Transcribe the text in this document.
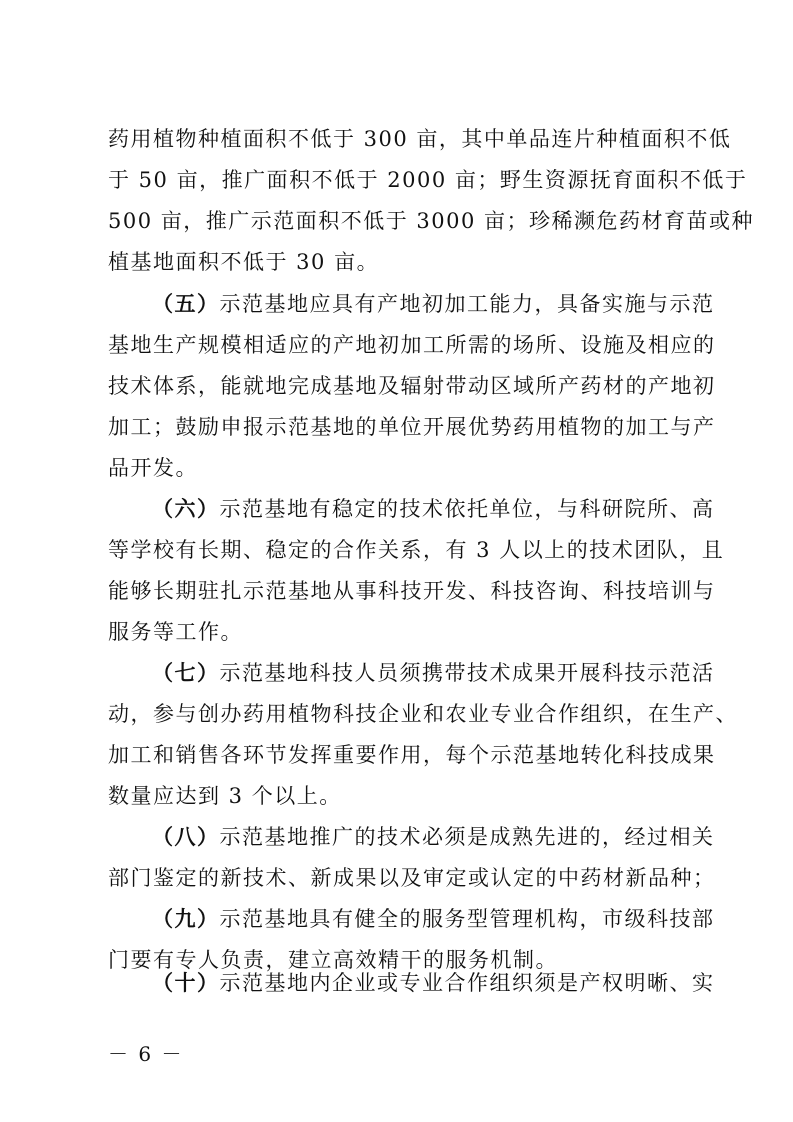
药用植物种植面积不低于 300 亩，其中单品连片种植面积不低
于 50 亩，推广面积不低于 2000 亩；野生资源抚育面积不低于
500 亩，推广示范面积不低于 3000 亩；珍稀濒危药材育苗或种
植基地面积不低于 30 亩。

（五）示范基地应具有产地初加工能力，具备实施与示范
基地生产规模相适应的产地初加工所需的场所、设施及相应的
技术体系，能就地完成基地及辐射带动区域所产药材的产地初
加工；鼓励申报示范基地的单位开展优势药用植物的加工与产
品开发。

（六）示范基地有稳定的技术依托单位，与科研院所、高
等学校有长期、稳定的合作关系，有 3 人以上的技术团队，且
能够长期驻扎示范基地从事科技开发、科技咨询、科技培训与
服务等工作。

（七）示范基地科技人员须携带技术成果开展科技示范活
动，参与创办药用植物科技企业和农业专业合作组织，在生产、
加工和销售各环节发挥重要作用，每个示范基地转化科技成果
数量应达到 3 个以上。

（八）示范基地推广的技术必须是成熟先进的，经过相关
部门鉴定的新技术、新成果以及审定或认定的中药材新品种；

（九）示范基地具有健全的服务型管理机构，市级科技部
门要有专人负责，建立高效精干的服务机制。

（十）示范基地内企业或专业合作组织须是产权明晰、实

－ 6 －
